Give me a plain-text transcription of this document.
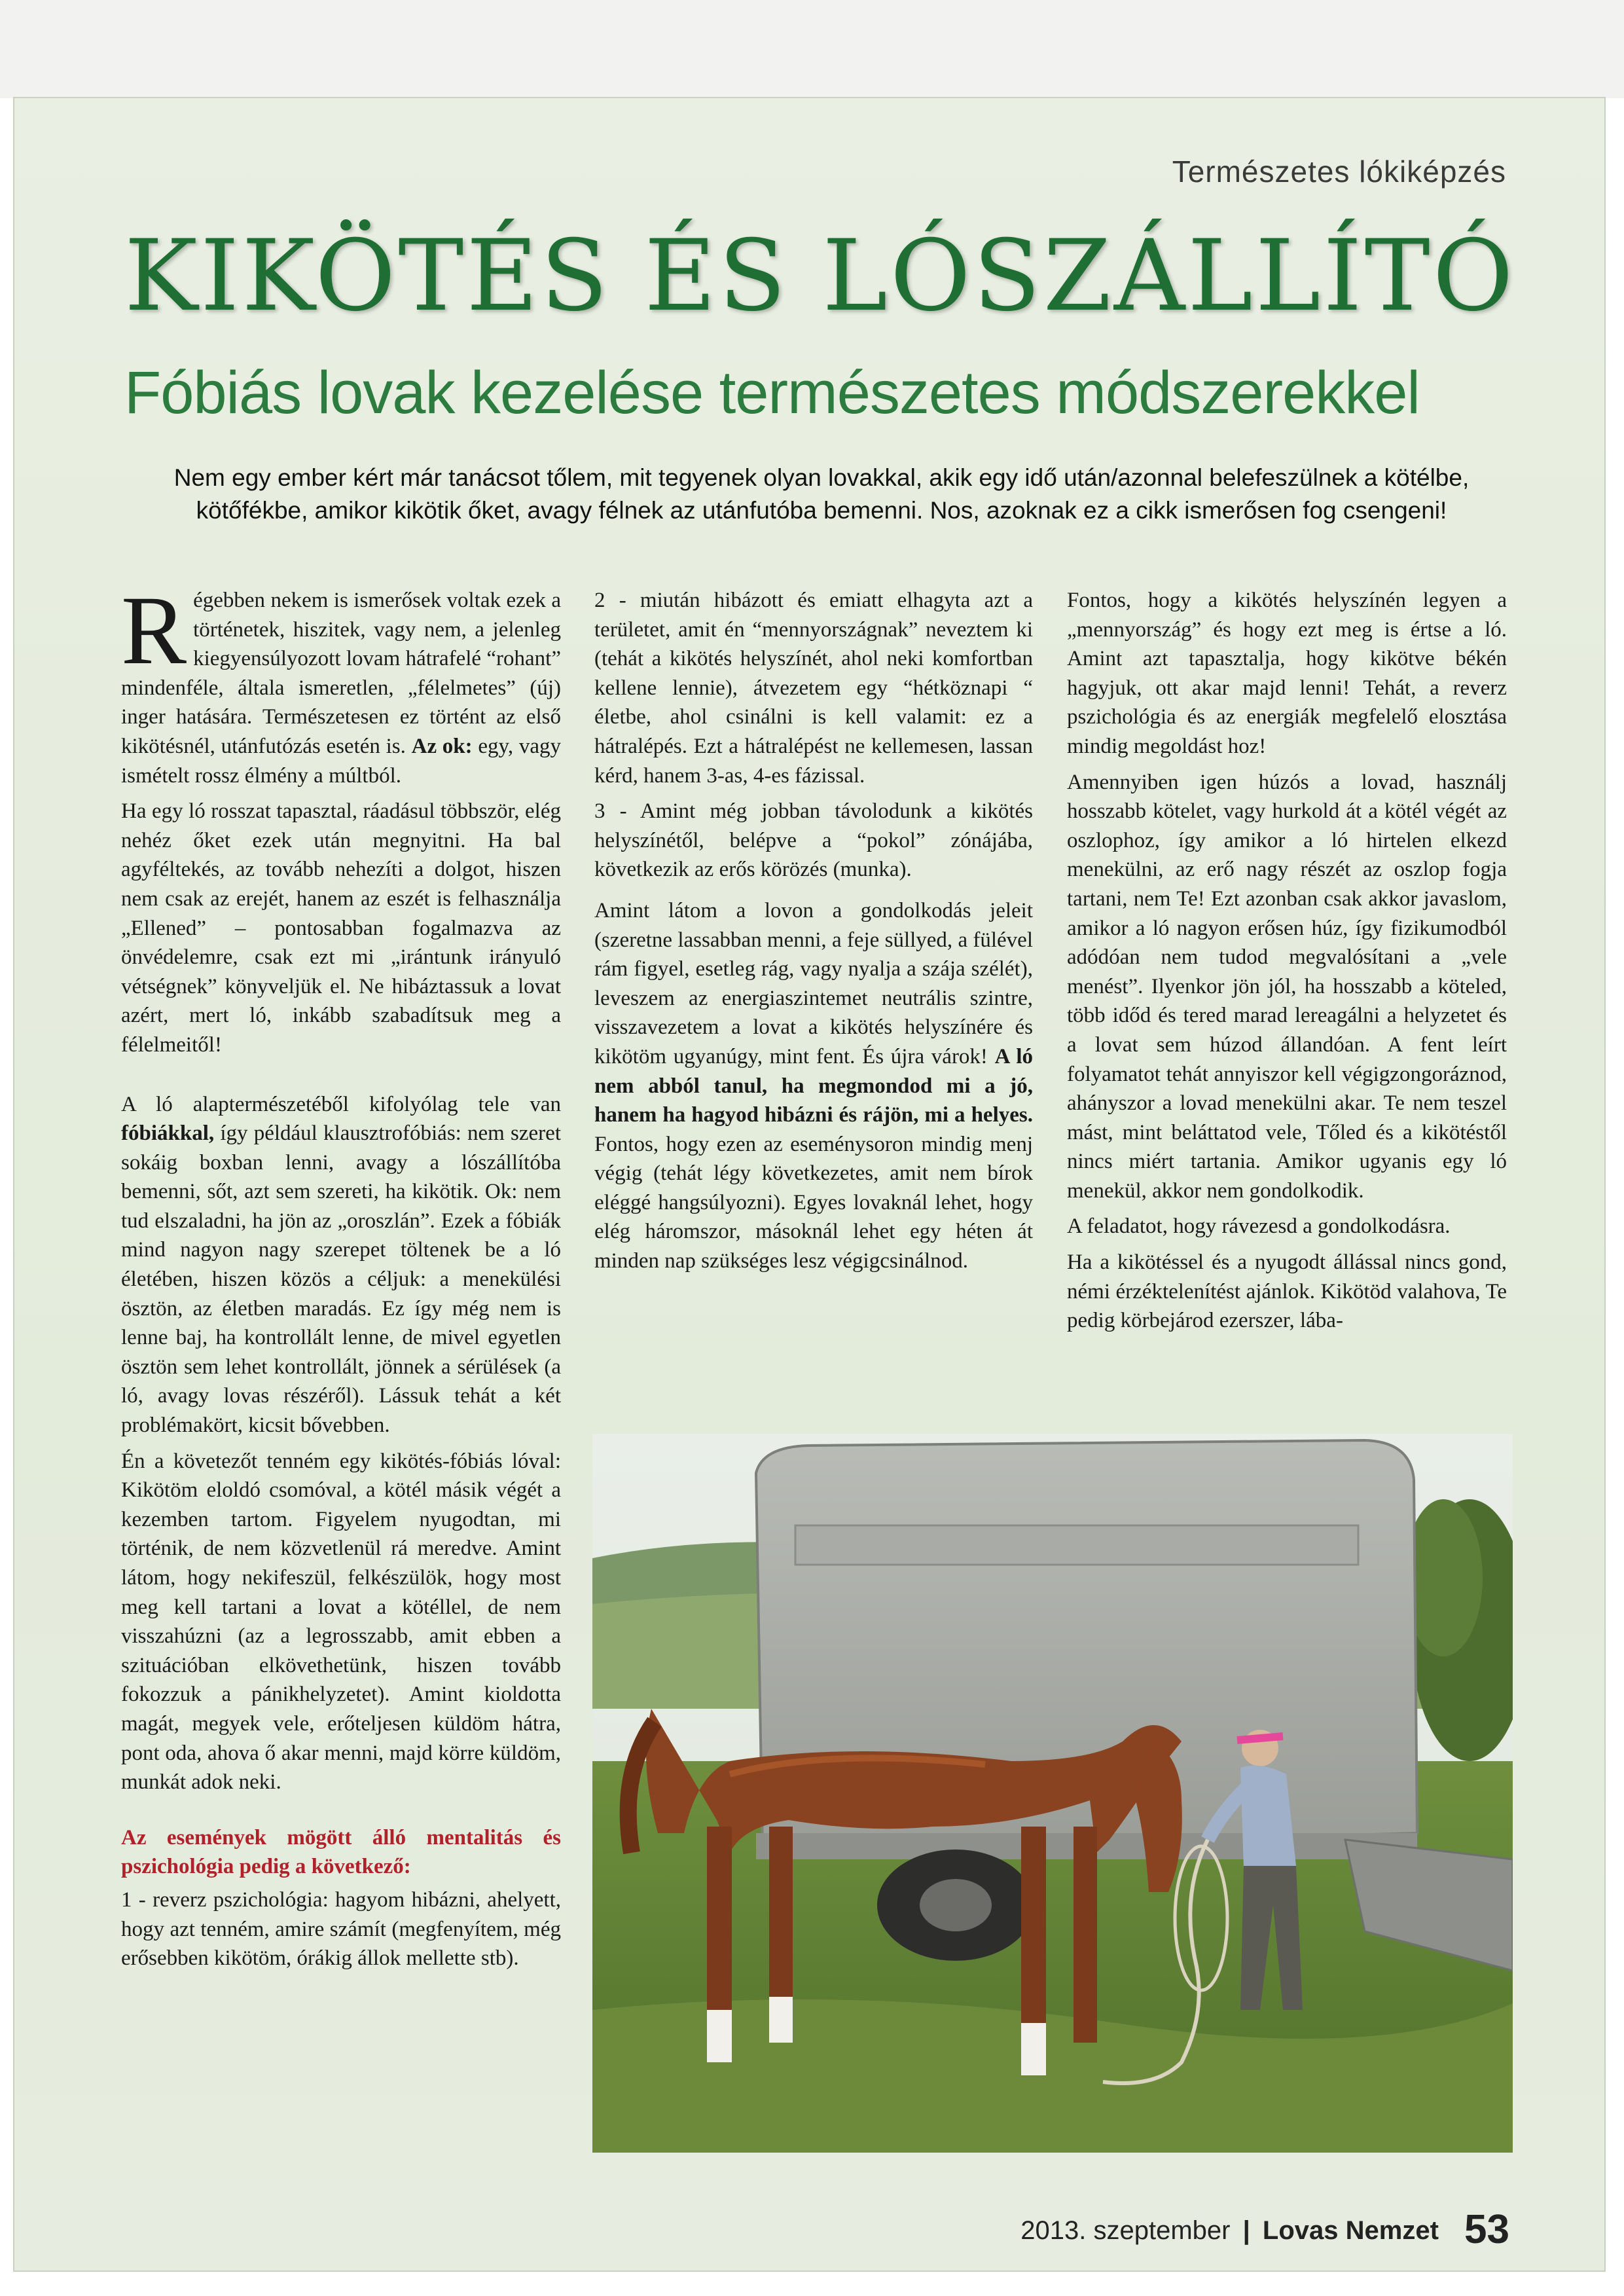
Természetes lókiképzés
KIKÖTÉS ÉS LÓSZÁLLÍTÓ
Fóbiás lovak kezelése természetes módszerekkel
Nem egy ember kért már tanácsot tőlem, mit tegyenek olyan lovakkal, akik egy idő után/azonnal belefeszülnek a kötélbe, kötőfékbe, amikor kikötik őket, avagy félnek az utánfutóba bemenni. Nos, azoknak ez a cikk ismerősen fog csengeni!

Régebben nekem is ismerősek voltak ezek a történetek, hiszitek, vagy nem, a jelenleg kiegyensúlyozott lovam hátrafelé “rohant” mindenféle, általa ismeretlen, „félelmetes” (új) inger hatására. Természetesen ez történt az első kikötésnél, utánfutózás esetén is. Az ok: egy, vagy ismételt rossz élmény a múltból.

Ha egy ló rosszat tapasztal, ráadásul többször, elég nehéz őket ezek után megnyitni. Ha bal agyféltekés, az tovább nehezíti a dolgot, hiszen nem csak az erejét, hanem az eszét is felhasználja „Ellened” – pontosabban fogalmazva az önvédelemre, csak ezt mi „irántunk irányuló vétségnek” könyveljük el. Ne hibáztassuk a lovat azért, mert ló, inkább szabadítsuk meg a félelmeitől!

A ló alaptermészetéből kifolyólag tele van fóbiákkal, így például klausztrofóbiás: nem szeret sokáig boxban lenni, avagy a lószállítóba bemenni, sőt, azt sem szereti, ha kikötik. Ok: nem tud elszaladni, ha jön az „oroszlán”. Ezek a fóbiák mind nagyon nagy szerepet töltenek be a ló életében, hiszen közös a céljuk: a menekülési ösztön, az életben maradás. Ez így még nem is lenne baj, ha kontrollált lenne, de mivel egyetlen ösztön sem lehet kontrollált, jönnek a sérülések (a ló, avagy lovas részéről). Lássuk tehát a két problémakört, kicsit bővebben.

Én a követezőt tenném egy kikötés-fóbiás lóval: Kikötöm eloldó csomóval, a kötél másik végét a kezemben tartom. Figyelem nyugodtan, mi történik, de nem közvetlenül rá meredve. Amint látom, hogy nekifeszül, felkészülök, hogy most meg kell tartani a lovat a kötéllel, de nem visszahúzni (az a legrosszabb, amit ebben a szituációban elkövethetünk, hiszen tovább fokozzuk a pánikhelyzetet). Amint kioldotta magát, megyek vele, erőteljesen küldöm hátra, pont oda, ahova ő akar menni, majd körre küldöm, munkát adok neki.

Az események mögött álló mentalitás és pszichológia pedig a következő:

1 - reverz pszichológia: hagyom hibázni, ahelyett, hogy azt tenném, amire számít (megfenyítem, még erősebben kikötöm, órákig állok mellette stb).

2 - miután hibázott és emiatt elhagyta azt a területet, amit én “mennyországnak” neveztem ki (tehát a kikötés helyszínét, ahol neki komfortban kellene lennie), átvezetem egy “hétköznapi “ életbe, ahol csinálni is kell valamit: ez a hátralépés. Ezt a hátralépést ne kellemesen, lassan kérd, hanem 3-as, 4-es fázissal.

3 - Amint még jobban távolodunk a kikötés helyszínétől, belépve a “pokol” zónájába, következik az erős körözés (munka).

Amint látom a lovon a gondolkodás jeleit (szeretne lassabban menni, a feje süllyed, a fülével rám figyel, esetleg rág, vagy nyalja a szája szélét), leveszem az energiaszintemet neutrális szintre, visszavezetem a lovat a kikötés helyszínére és kikötöm ugyanúgy, mint fent. És újra várok! A ló nem abból tanul, ha megmondod mi a jó, hanem ha hagyod hibázni és rájön, mi a helyes. Fontos, hogy ezen az eseménysoron mindig menj végig (tehát légy következetes, amit nem bírok eléggé hangsúlyozni). Egyes lovaknál lehet, hogy elég háromszor, másoknál lehet egy héten át minden nap szükséges lesz végigcsinálnod.

Fontos, hogy a kikötés helyszínén legyen a „mennyország” és hogy ezt meg is értse a ló. Amint azt tapasztalja, hogy kikötve békén hagyjuk, ott akar majd lenni! Tehát, a reverz pszichológia és az energiák megfelelő elosztása mindig megoldást hoz!

Amennyiben igen húzós a lovad, használj hosszabb kötelet, vagy hurkold át a kötél végét az oszlophoz, így amikor a ló hirtelen elkezd menekülni, az erő nagy részét az oszlop fogja tartani, nem Te! Ezt azonban csak akkor javaslom, amikor a ló nagyon erősen húz, így fizikumodból adódóan nem tudod megvalósítani a „vele menést”. Ilyenkor jön jól, ha hosszabb a köteled, több időd és tered marad lereagálni a helyzetet és a lovat sem húzod állandóan. A fent leírt folyamatot tehát annyiszor kell végigzongoráznod, ahányszor a lovad menekülni akar. Te nem teszel mást, mint beláttatod vele, Tőled és a kikötéstől nincs miért tartania. Amikor ugyanis egy ló menekül, akkor nem gondolkodik.

A feladatot, hogy rávezesd a gondolkodásra.

Ha a kikötéssel és a nyugodt állással nincs gond, némi érzéktelenítést ajánlok. Kikötöd valahova, Te pedig körbejárod ezerszer, lába-

2013. szeptember | Lovas Nemzet 53
